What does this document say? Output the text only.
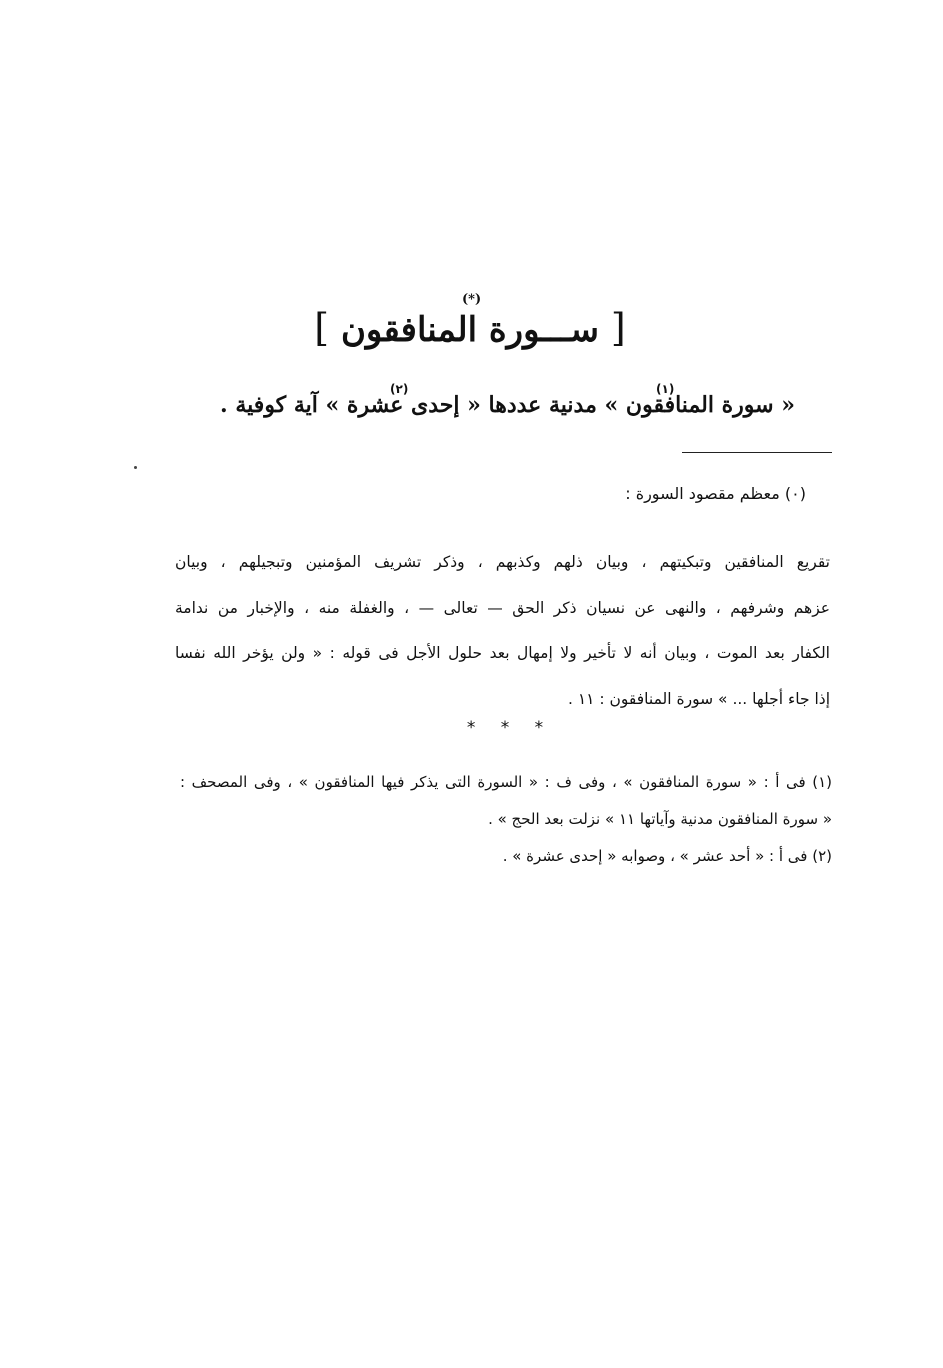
[ ســـورة المنافقون ]
(*)
« سورة المنافقون » مدنية عددها « إحدى عشرة » آية كوفية .
(١)
(٢)
(٠) معظم مقصود السورة :
تقريع المنافقين وتبكيتهم ، وبيان ذلهم وكذبهم ، وذكر تشريف المؤمنين وتبجيلهم ، وبيان
عزهم وشرفهم ، والنهى عن نسيان ذكر الحق — تعالى — ، والغفلة منه ، والإخبار من ندامة
الكفار بعد الموت ، وبيان أنه لا تأخير ولا إمهال بعد حلول الأجل فى قوله : « ولن يؤخر الله نفسا
إذا جاء أجلها ... » سورة المنافقون : ١١ .
* * *
(١) فى أ : « سورة المنافقون » ، وفى ف : « السورة التى يذكر فيها المنافقون » ، وفى المصحف :
« سورة المنافقون مدنية وآياتها ١١ » نزلت بعد الحج » .
(٢) فى أ : « أحد عشر » ، وصوابه « إحدى عشرة » .
